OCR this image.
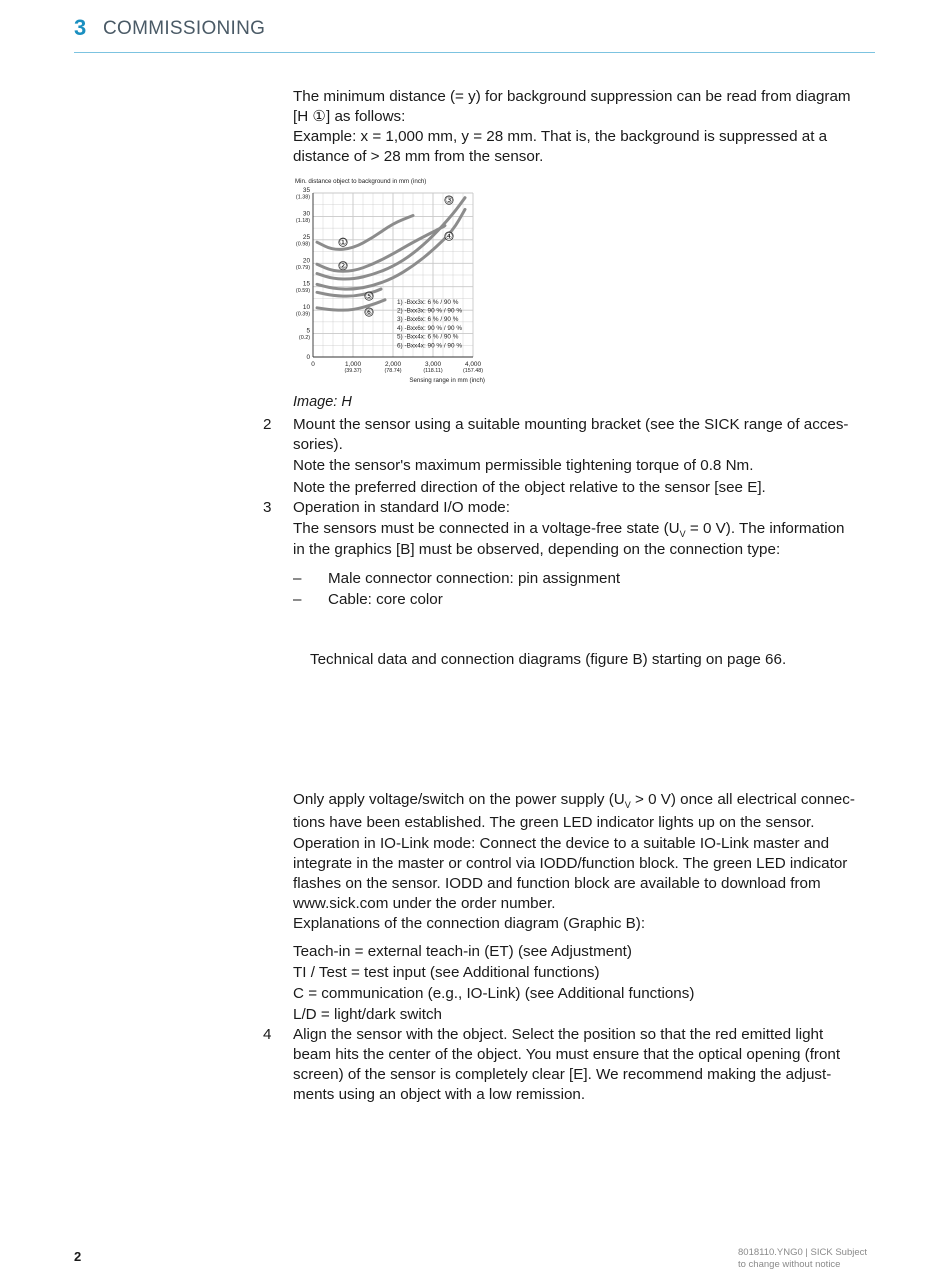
3 COMMISSIONING
The minimum distance (= y) for background suppression can be read from diagram
[H ①] as follows:
Example: x = 1,000 mm, y = 28 mm. That is, the background is suppressed at a
distance of > 28 mm from the sensor.
Min. distance object to background in mm (inch)
Sensing range in mm (inch)
0
5
(0.2)
10
(0.39)
15
(0.59)
20
(0.79)
25
(0.98)
30
(1.18)
35
(1.38)
0	1,000
(39.37)
2,000
(78.74)
3,000
(118.11)
4,000
(157.48)
①
②
③
④
⑤
⑥
1) -Bxx3x: 6 % / 90 %
2) -Bxx3x: 90 % / 90 %
3) -Bxx6x: 6 % / 90 %
4) -Bxx6x: 90 % / 90 %
5) -Bxx4x: 6 % / 90 %
6) -Bxx4x: 90 % / 90 %
Image: H
2 Mount the sensor using a suitable mounting bracket (see the SICK range of acces-
sories).
Note the sensor's maximum permissible tightening torque of 0.8 Nm.
Note the preferred direction of the object relative to the sensor [see E].
3 Operation in standard I/O mode:
The sensors must be connected in a voltage-free state ($U_V = 0$ V). The information
in the graphics [B] must be observed, depending on the connection type:
– Male connector connection: pin assignment
– Cable: core color
Technical data and connection diagrams (figure B) starting on page 66.
Only apply voltage/switch on the power supply ($U_V > 0$ V) once all electrical connec-
tions have been established. The green LED indicator lights up on the sensor.
Operation in IO-Link mode: Connect the device to a suitable IO-Link master and
integrate in the master or control via IODD/function block. The green LED indicator
flashes on the sensor. IODD and function block are available to download from
www.sick.com under the order number.
Explanations of the connection diagram (Graphic B):
Teach-in = external teach-in (ET) (see Adjustment)
TI / Test = test input (see Additional functions)
C = communication (e.g., IO-Link) (see Additional functions)
L/D = light/dark switch
4 Align the sensor with the object. Select the position so that the red emitted light
beam hits the center of the object. You must ensure that the optical opening (front
screen) of the sensor is completely clear [E]. We recommend making the adjust-
ments using an object with a low remission.
2	8018110.YNG0 | SICK Subject
to change without notice
